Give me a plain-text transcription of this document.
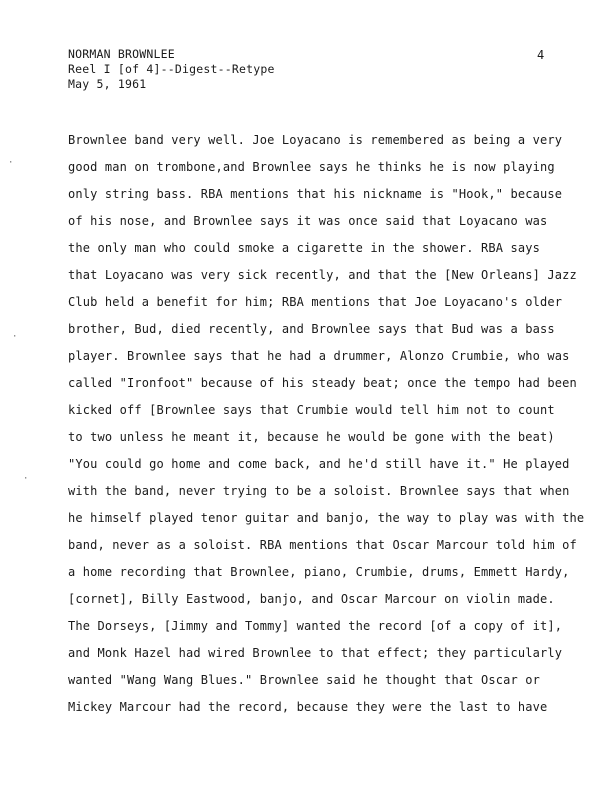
NORMAN BROWNLEE
Reel I [of 4]--Digest--Retype
May 5, 1961
4
Brownlee band very well. Joe Loyacano is remembered as being a very
good man on trombone,and Brownlee says he thinks he is now playing
only string bass. RBA mentions that his nickname is "Hook," because
of his nose, and Brownlee says it was once said that Loyacano was
the only man who could smoke a cigarette in the shower. RBA says
that Loyacano was very sick recently, and that the [New Orleans] Jazz
Club held a benefit for him; RBA mentions that Joe Loyacano's older
brother, Bud, died recently, and Brownlee says that Bud was a bass
player. Brownlee says that he had a drummer, Alonzo Crumbie, who was
called "Ironfoot" because of his steady beat; once the tempo had been
kicked off [Brownlee says that Crumbie would tell him not to count
to two unless he meant it, because he would be gone with the beat)
"You could go home and come back, and he'd still have it." He played
with the band, never trying to be a soloist. Brownlee says that when
he himself played tenor guitar and banjo, the way to play was with the
band, never as a soloist. RBA mentions that Oscar Marcour told him of
a home recording that Brownlee, piano, Crumbie, drums, Emmett Hardy,
[cornet], Billy Eastwood, banjo, and Oscar Marcour on violin made.
The Dorseys, [Jimmy and Tommy] wanted the record [of a copy of it],
and Monk Hazel had wired Brownlee to that effect; they particularly
wanted "Wang Wang Blues." Brownlee said he thought that Oscar or
Mickey Marcour had the record, because they were the last to have
·
·
·
